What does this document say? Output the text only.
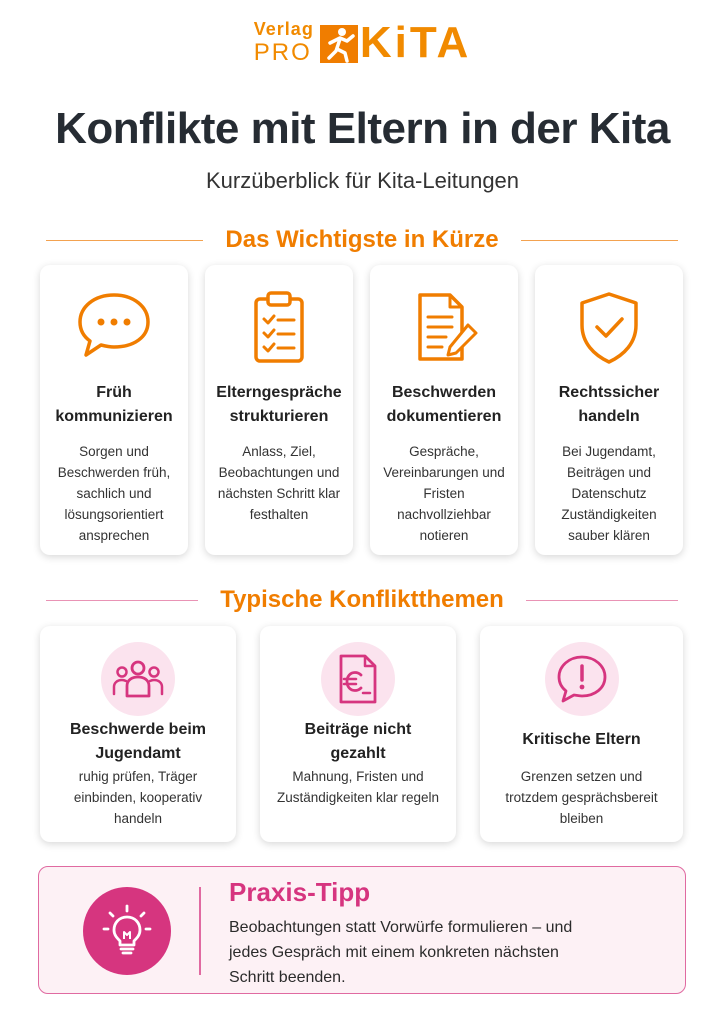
Verlag
PRO KiTA
Konflikte mit Eltern in der Kita
Kurzüberblick für Kita-Leitungen
Das Wichtigste in Kürze
Früh
kommunizieren

Sorgen und
Beschwerden früh,
sachlich und
lösungsorientiert
ansprechen

Elterngespräche
strukturieren

Anlass, Ziel,
Beobachtungen und
nächsten Schritt klar
festhalten

Beschwerden
dokumentieren

Gespräche,
Vereinbarungen und
Fristen nachvollziehbar
notieren

Rechtssicher
handeln

Bei Jugendamt,
Beiträgen und
Datenschutz
Zuständigkeiten
sauber klären

Typische Konfliktthemen
Beschwerde beim
Jugendamt

ruhig prüfen, Träger
einbinden, kooperativ
handeln

Beiträge nicht
gezahlt

Mahnung, Fristen und
Zuständigkeiten klar regeln

Kritische Eltern

Grenzen setzen und
trotzdem gesprächsbereit
bleiben

Praxis-Tipp

Beobachtungen statt Vorwürfe formulieren – und
jedes Gespräch mit einem konkreten nächsten
Schritt beenden.
